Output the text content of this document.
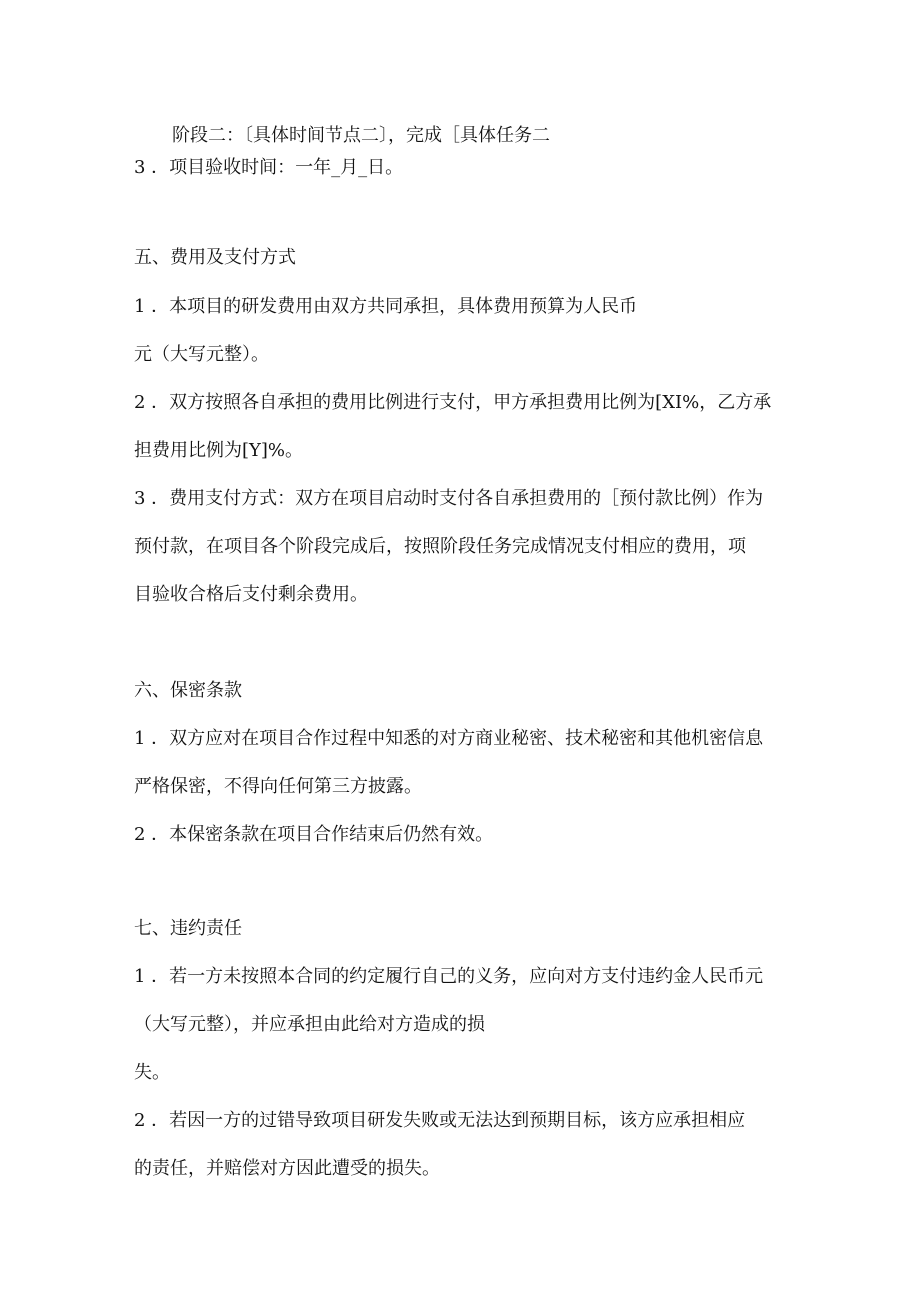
阶段二：〔具体时间节点二〕，完成［具体任务二
3 ．项目验收时间：一年_月_日。
五、费用及支付方式
1 ．本项目的研发费用由双方共同承担，具体费用预算为人民币
元（大写元整）。
2 ．双方按照各自承担的费用比例进行支付，甲方承担费用比例为[XI%，乙方承
担费用比例为[Y]%。
3 ．费用支付方式：双方在项目启动时支付各自承担费用的［预付款比例）作为
预付款，在项目各个阶段完成后，按照阶段任务完成情况支付相应的费用，项
目验收合格后支付剩余费用。
六、保密条款
1 ．双方应对在项目合作过程中知悉的对方商业秘密、技术秘密和其他机密信息
严格保密，不得向任何第三方披露。
2 ．本保密条款在项目合作结束后仍然有效。
七、违约责任
1 ．若一方未按照本合同的约定履行自己的义务，应向对方支付违约金人民币元
（大写元整），并应承担由此给对方造成的损
失。
2 ．若因一方的过错导致项目研发失败或无法达到预期目标，该方应承担相应
的责任，并赔偿对方因此遭受的损失。
